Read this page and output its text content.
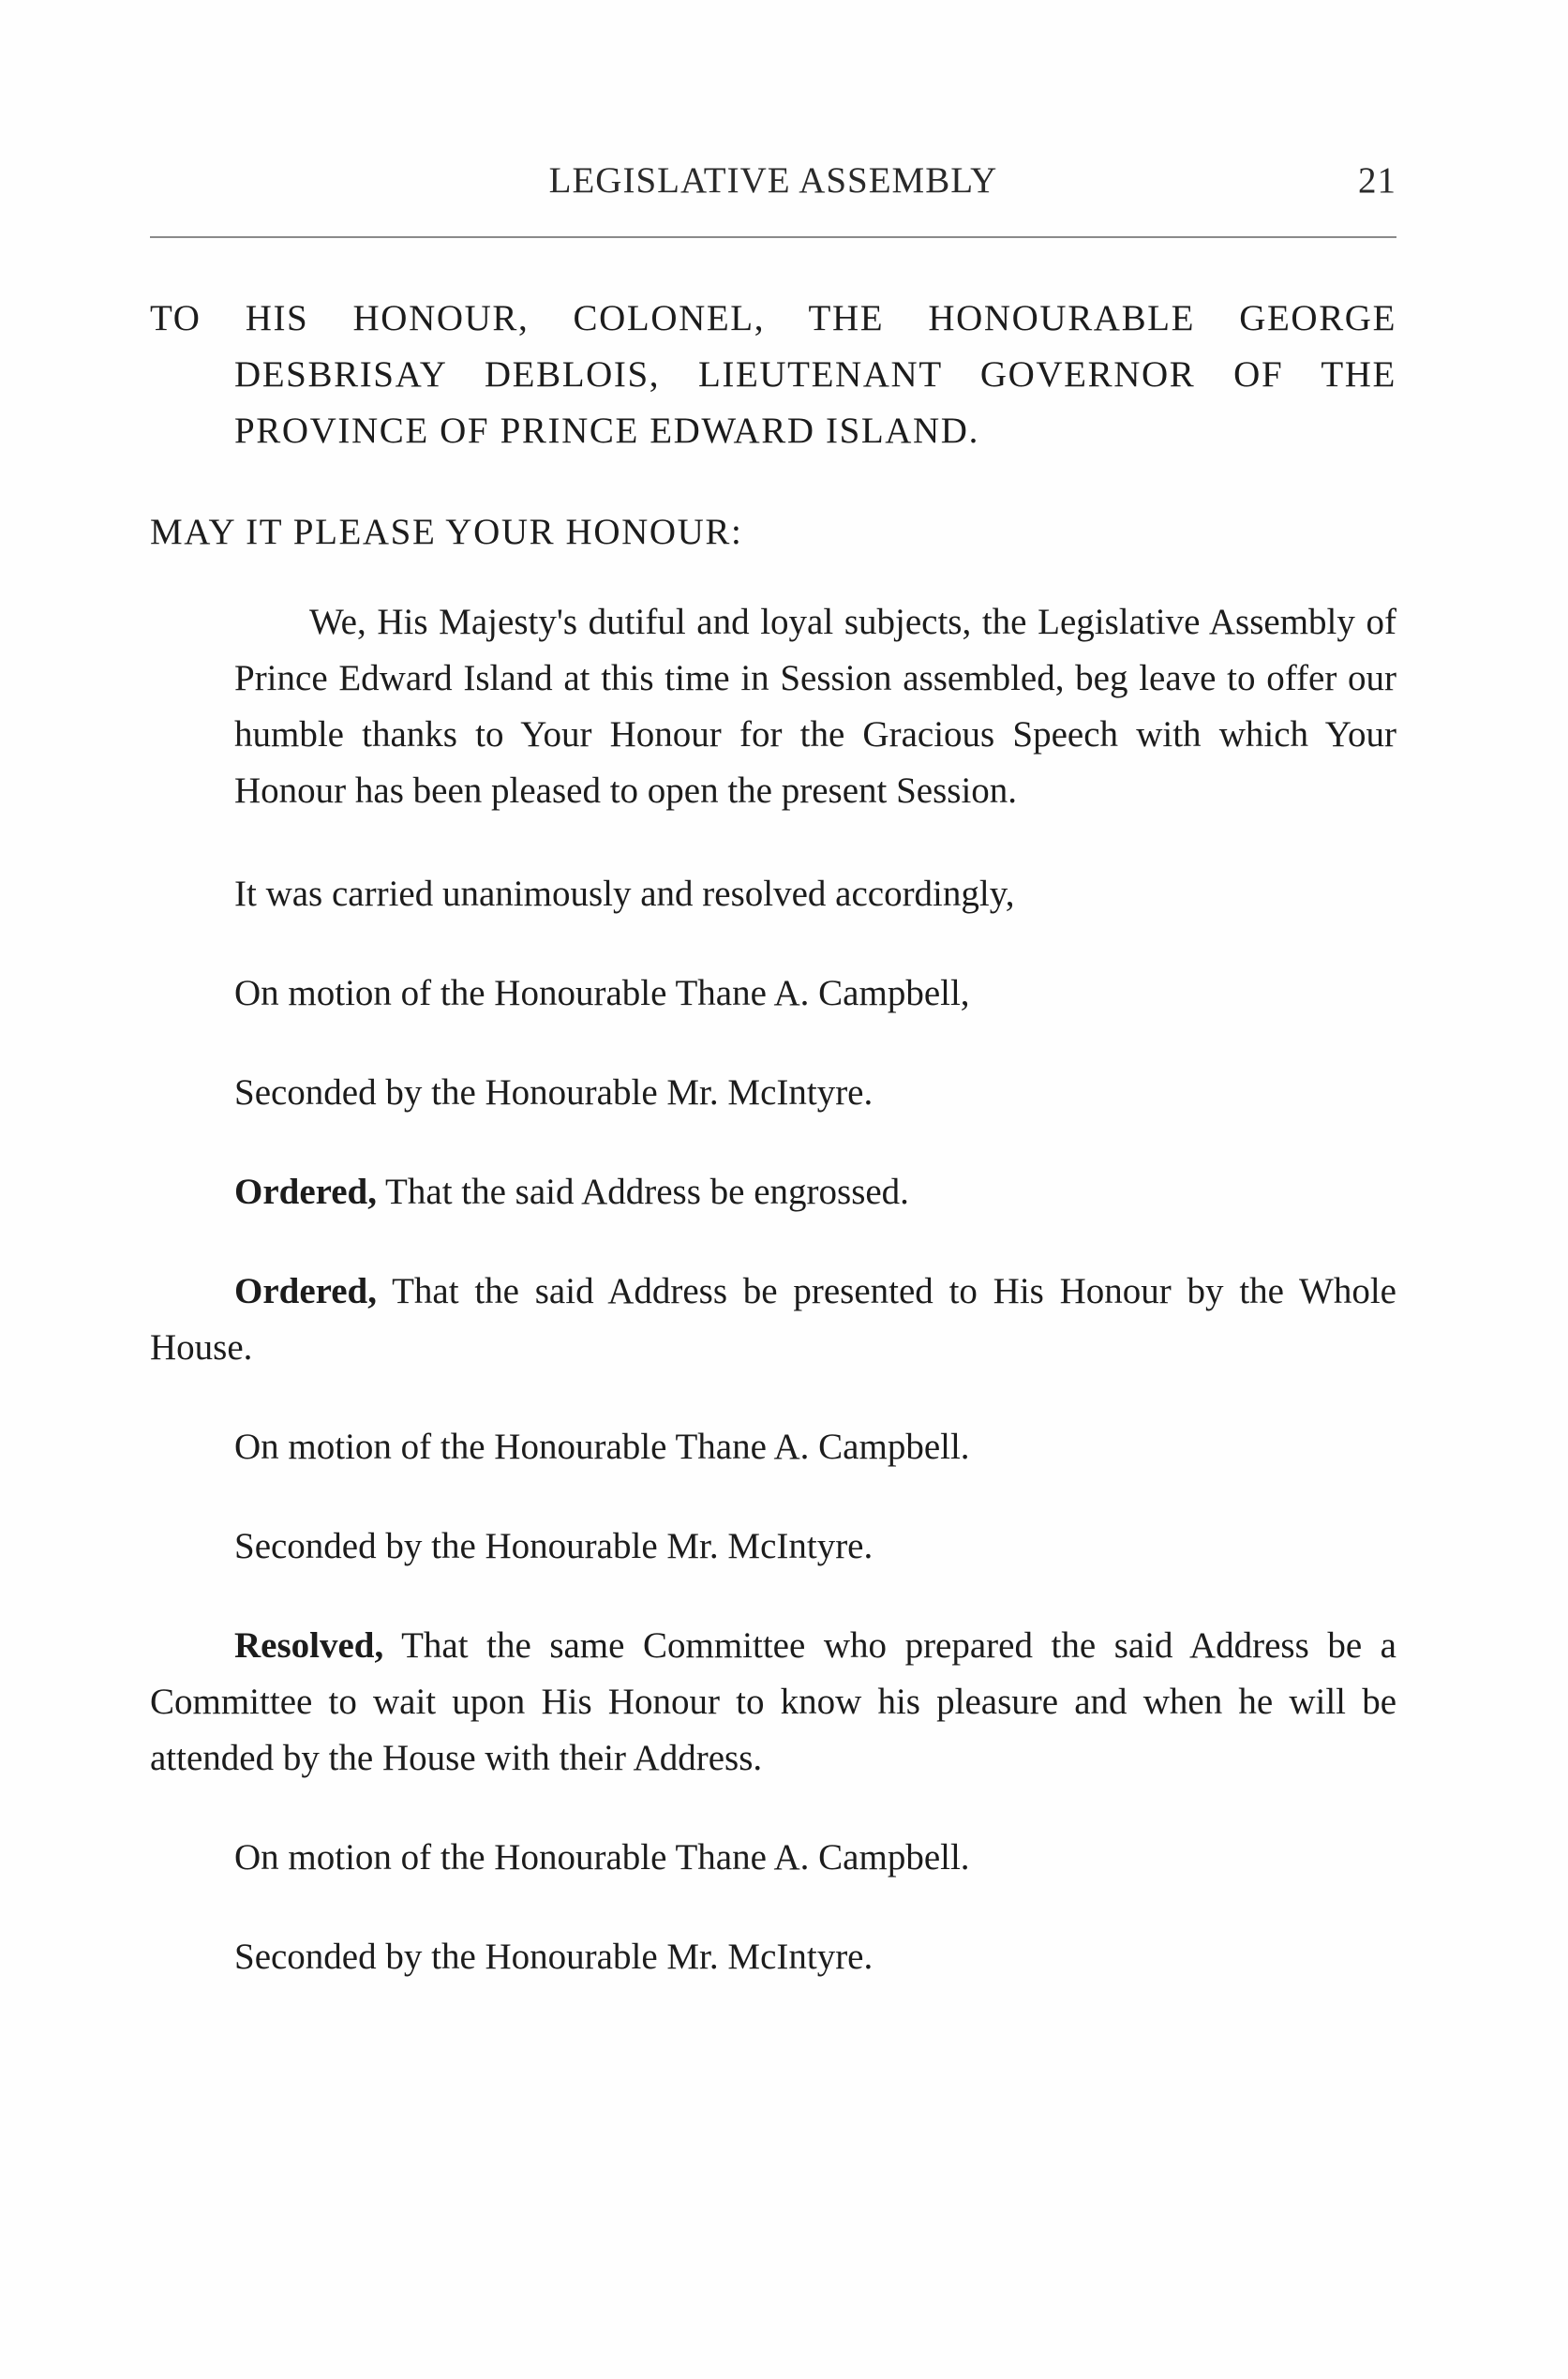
LEGISLATIVE ASSEMBLY	21

TO HIS HONOUR, COLONEL, THE HONOURABLE GEORGE DESBRISAY DEBLOIS, LIEUTENANT GOVERNOR OF THE PROVINCE OF PRINCE EDWARD ISLAND.

MAY IT PLEASE YOUR HONOUR:

We, His Majesty's dutiful and loyal subjects, the Legislative Assembly of Prince Edward Island at this time in Session assembled, beg leave to offer our humble thanks to Your Honour for the Gracious Speech with which Your Honour has been pleased to open the present Session.

It was carried unanimously and resolved accordingly,

On motion of the Honourable Thane A. Campbell,

Seconded by the Honourable Mr. McIntyre.

Ordered, That the said Address be engrossed.

Ordered, That the said Address be presented to His Honour by the Whole House.

On motion of the Honourable Thane A. Campbell.

Seconded by the Honourable Mr. McIntyre.

Resolved, That the same Committee who prepared the said Address be a Committee to wait upon His Honour to know his pleasure and when he will be attended by the House with their Address.

On motion of the Honourable Thane A. Campbell.

Seconded by the Honourable Mr. McIntyre.
